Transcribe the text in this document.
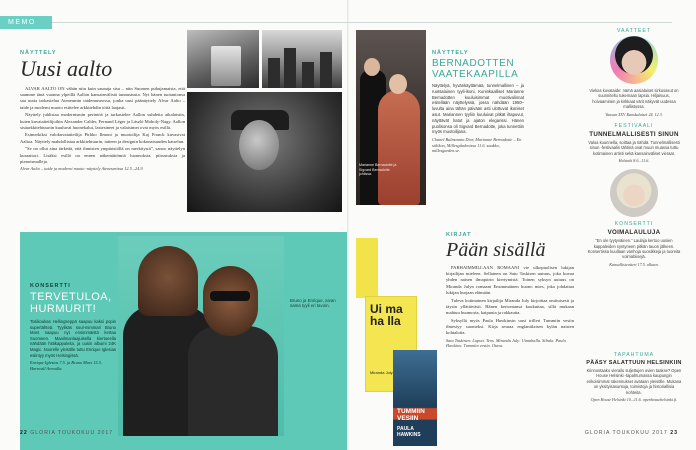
MEMO
NÄYTTELY
Uusi aalto

ALVAR AALTO ON vähän niin kuin saunaja sisu – niin Suomen puhujamaista, että saamme tänä vuonna ylpeillä Aallon kansainvälistä tunnustusta. Nyt hänen tuotantonsa saa uutta tarkastelua Ateneumin taidemuseossa, jonka uusi päänäyttely Alvar Aalto – taide ja moderni muoto esittelee arkkitehdin töitä laajasti.

Näyttely juhlistaa modernismin perintöä ja tarkastelee Aallon suhdetta aikalaisiin, kuten kuvataiteilijoihin Alexander Calder, Fernand Léger ja László Moholy-Nagy. Aallon sisäarkkitehtuuriin kuuluvat huonekalut, lasiesineet ja valaisimet ovat myös esillä.

Esimerkiksi valokuvataiteilija Pirkko Ilmoni ja muotoilija Kaj Franck kuvasivat Aaltoa. Näyttely mahdollistaa arkkitehtuurin, taiteen ja designin kokonaisuuden katselun.

”Se on ollut aina tärkeää, että ihmisten ympäristöllä on merkitystä”, sanoo näyttelyn kuraattori. Lisäksi esillä on ennen näkemättömiä luonnoksia, piirustuksia ja pienoismalleja.

Alvar Aalto – taide ja moderni muoto -näyttely Ateneumissa 12.5.–24.9.
Marianne Bernadotte ja Sigvard Bernadotte juhlissa.
NÄYTTELY
BERNADOTTEN VAATEKAAPILLA
Näyttelyä, hyvänkäyttämää, tunnelmallinen – ja ruotsalainen tyyli-ikoni. Kuninkaalliset Marianne Bernadotten kuuluisimmat muotivalinnat esitellään näyttelyssä, jossa nähdään 1950–luvulta aina tähän päivään asti ulottuvat ikoniset asut. Mariannen tyyliin kuuluivat pitkät iltapuvut, näyttävät hatut ja ajaton eleganssi. Hänen puolisonsa oli Sigvard Bernadotte, joka tunnettiin myös muotoilijana.
Chanel Bulmannin Dior, Marianne Bernadotte – En stilikon, Millesgårdenissa 11.6. saakka, millesgarden.se.
VAATTEET
Viekas kuvataide: nämä aasialaiset sirkusasut on suunniteltu tukemaan lapsia. Hiljaisuus, hoivaaminen ja kirkkaat värit näkyvät uudessa mallistossa.
Vaasan XXV Ranskalaiset 24. 12.3.
FESTIVAALI
TUNNELMALLISESTI SINUN
Valoa kuunnella, soittaa ja nähdä. Tunnelmallisesti sinun -festivaalin tähtinä ovat muun muassa tuttu kotimainen artisti sekä kansainväliset vieraat.
Helsinki 8.6.–11.6.
KONSERTTI
VOIMALAULUJA
”En ole tyytyväinen.” Laulaja kertoo uusien kappaleiden syntyneen pitkän tauon jälkeen. Konsertissa kuullaan vanhoja suosikkeja ja tuoreita voimabiisejä.
Kansallisteatteri 17.5. alkaen.
TAPAHTUMA
PÄÄSY SALATTUUN HELSINKIIN
Kiinnostaako vierailu suljettujen ovien taakse? Open House Helsinki -tapahtumassa kaupungin erikoisimmat rakennukset avataan yleisölle. Mukana on yksityisasuntoja, toimistoja ja historiallisia kohteita.
Open House Helsinki 10.–11.6. openhousehelsinki.fi.
Bruno ja Enrique, aivan sama tyyli eri tavoin.
KONSERTTI
TERVETULOA, HURMURIT!
Tosikoukas Hellingseppä saapuu kaksi popin supertähteä. Tyylikäs soul-mimmari Bruno Mars saapuu nyt ensimmäistä kertaa Suomeen. Maailmanlaajuisella kiertueella nähdään hittikappaleita, ja uusin albumi 24K Magic. Nuorelle yleisölle tuttu Enrique Iglesias esiintyy myös Helsingissä.
Enrique Iglesias 7.5. ja Bruno Mars 15.5. Hartwall Arenalla.
Ui ma ha lla
Miranda July
TUMMIIN VESIIN
PAULA HAWKINS
KIRJAT
Pään sisällä

PARHAIMMILLAAN ROMAANI vie ulkopuolisen lukijan kirjailijan mieleen. Sellainen on Satu Taskisen uutuus, joka kuvaa yhden naisen ilmapiirin kiertymistä. Toinen syksyn uutuus on Miranda Julyn romaani Ensimmäinen huono mies, joka johdattaa lukijan hurjaan elämään.

Tuleva kotimainen kirjailija Miranda July kirjoittaa omituisesti ja täysin yllättävästi. Hänen kerrontansa koukuttaa, sillä mukaan mahtuu huumoria, kaipuuta ja rakkautta.

Syksyllä myös Paula Hawkinsin uusi trilleri Tummiin vesiin ilmestyy suomeksi. Kirja seuraa englantilaisen kylän naisten kohtaloita.

Satu Taskinen: Lapset. Teos. Miranda July: Uimahalla. Siltala. Paula Hawkins: Tummiin vesiin. Otava.
22 GLORIA TOUKOKUU 2017	GLORIA TOUKOKUU 2017 23
